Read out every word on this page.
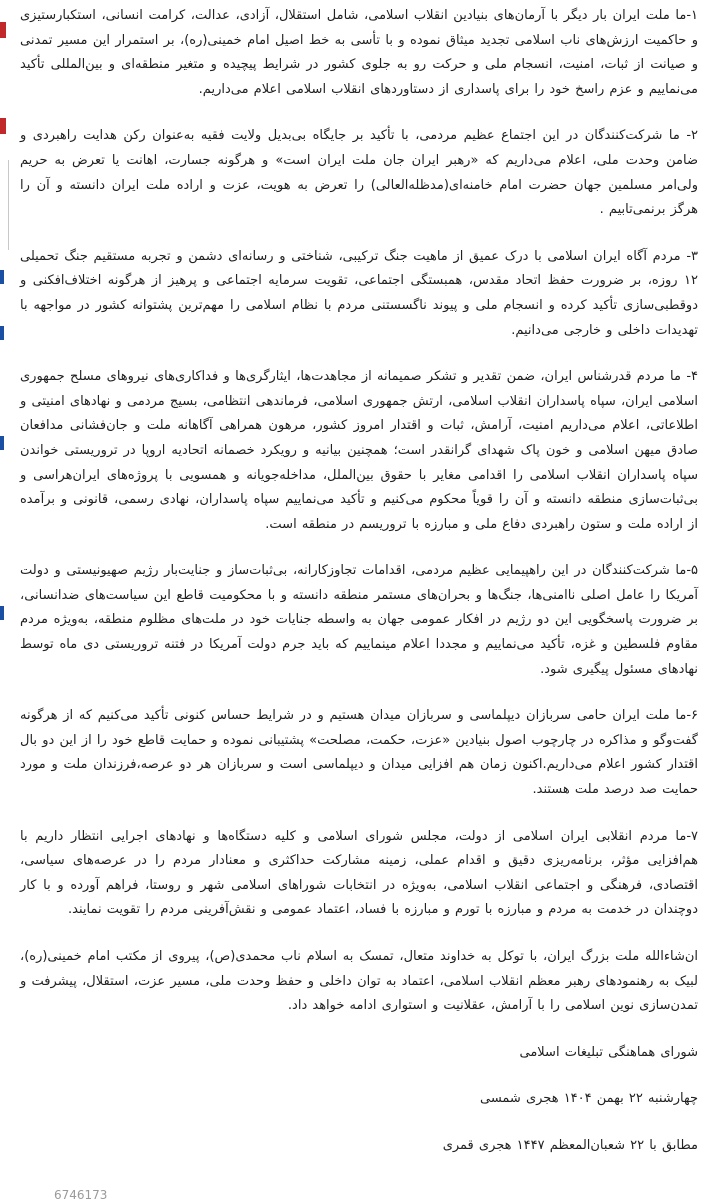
۱-ما ملت ایران بار دیگر با آرمان‌های بنیادین انقلاب اسلامی، شامل استقلال، آزادی، عدالت، کرامت انسانی، استکبارستیزی و حاکمیت ارزش‌های ناب اسلامی تجدید میثاق نموده و با تأسی به خط اصیل امام خمینی(ره)، بر استمرار این مسیر تمدنی و صیانت از ثبات، امنیت، انسجام ملی و حرکت رو به جلوی کشور در شرایط پیچیده و متغیر منطقه‌ای و بین‌المللی تأکید می‌نماییم و عزم راسخ خود را برای پاسداری از دستاوردهای انقلاب اسلامی اعلام می‌داریم.

۲- ما شرکت‌کنندگان در این اجتماع عظیم مردمی، با تأکید بر جایگاه بی‌بدیل ولایت فقیه به‌عنوان رکن هدایت راهبردی و ضامن وحدت ملی، اعلام می‌داریم که «رهبر ایران جان ملت ایران است» و هرگونه جسارت، اهانت یا تعرض به حریم ولی‌امر مسلمین جهان حضرت امام خامنه‌ای(مدظله‌العالی) را تعرض به هویت، عزت و اراده ملت ایران دانسته و آن را هرگز برنمی‌تابیم .

۳- مردم آگاه ایران اسلامی با درک عمیق از ماهیت جنگ ترکیبی، شناختی و رسانه‌ای دشمن و تجربه مستقیم جنگ تحمیلی ۱۲ روزه، بر ضرورت حفظ اتحاد مقدس، همبستگی اجتماعی، تقویت سرمایه اجتماعی و پرهیز از هرگونه اختلاف‌افکنی و دوقطبی‌سازی تأکید کرده و انسجام ملی و پیوند ناگسستنی مردم با نظام اسلامی را مهم‌ترین پشتوانه کشور در مواجهه با تهدیدات داخلی و خارجی می‌دانیم.

۴- ما مردم قدرشناس ایران، ضمن تقدیر و تشکر صمیمانه از مجاهدت‌ها، ایثارگری‌ها و فداکاری‌های نیروهای مسلح جمهوری اسلامی ایران، سپاه پاسداران انقلاب اسلامی، ارتش جمهوری اسلامی، فرماندهی انتظامی، بسیج مردمی و نهادهای امنیتی و اطلاعاتی، اعلام می‌داریم امنیت، آرامش، ثبات و اقتدار امروز کشور، مرهون همراهی آگاهانه ملت و جان‌فشانی مدافعان صادق میهن اسلامی و خون پاک شهدای گرانقدر است؛ همچنین بیانیه و رویکرد خصمانه اتحادیه اروپا در تروریستی خواندن سپاه پاسداران انقلاب اسلامی را اقدامی مغایر با حقوق بین‌الملل، مداخله‌جویانه و همسویی با پروژه‌های ایران‌هراسی و بی‌ثبات‌سازی منطقه دانسته و آن را قویاً محکوم می‌کنیم و تأکید می‌نماییم سپاه پاسداران، نهادی رسمی، قانونی و برآمده از اراده ملت و ستون راهبردی دفاع ملی و مبارزه با تروریسم در منطقه است.

۵-ما شرکت‌کنندگان در این راهپیمایی عظیم مردمی، اقدامات تجاوزکارانه، بی‌ثبات‌ساز و جنایت‌بار رژیم صهیونیستی و دولت آمریکا را عامل اصلی ناامنی‌ها، جنگ‌ها و بحران‌های مستمر منطقه دانسته و با محکومیت قاطع این سیاست‌های ضدانسانی، بر ضرورت پاسخگویی این دو رژیم در افکار عمومی جهان به واسطه جنایات خود در ملت‌های مظلوم منطقه، به‌ویژه مردم مقاوم فلسطین و غزه، تأکید می‌نماییم و مجددا اعلام مینماییم که باید جرم دولت آمریکا در فتنه تروریستی دی ماه توسط نهادهای مسئول پیگیری شود.

۶-ما ملت ایران حامی سربازان دیپلماسی و سربازان میدان هستیم و در شرایط حساس کنونی تأکید می‌کنیم که از هرگونه گفت‌وگو و مذاکره در چارچوب اصول بنیادین «عزت، حکمت، مصلحت» پشتیبانی نموده و حمایت قاطع خود را از این دو بال اقتدار کشور اعلام می‌داریم.اکنون زمان هم افزایی میدان و دیپلماسی است و سربازان هر دو عرصه،فرزندان ملت و مورد حمایت صد درصد ملت هستند.

۷-ما مردم انقلابی ایران اسلامی از دولت، مجلس شورای اسلامی و کلیه دستگاه‌ها و نهادهای اجرایی انتظار داریم با هم‌افزایی مؤثر، برنامه‌ریزی دقیق و اقدام عملی، زمینه مشارکت حداکثری و معنادار مردم را در عرصه‌های سیاسی، اقتصادی، فرهنگی و اجتماعی انقلاب اسلامی، به‌ویژه در انتخابات شوراهای اسلامی شهر و روستا، فراهم آورده و با کار دوچندان در خدمت به مردم و مبارزه با تورم و مبارزه با فساد، اعتماد عمومی و نقش‌آفرینی مردم را تقویت نمایند.

ان‌شاءالله ملت بزرگ ایران، با توکل به خداوند متعال، تمسک به اسلام ناب محمدی(ص)، پیروی از مکتب امام خمینی(ره)، لبیک به رهنمودهای رهبر معظم انقلاب اسلامی، اعتماد به توان داخلی و حفظ وحدت ملی، مسیر عزت، استقلال، پیشرفت و تمدن‌سازی نوین اسلامی را با آرامش، عقلانیت و استواری ادامه خواهد داد.

شورای هماهنگی تبلیغات اسلامی

چهارشنبه ۲۲ بهمن ۱۴۰۴ هجری شمسی

مطابق با ۲۲ شعبان‌المعظم ۱۴۴۷ هجری قمری

6746173
